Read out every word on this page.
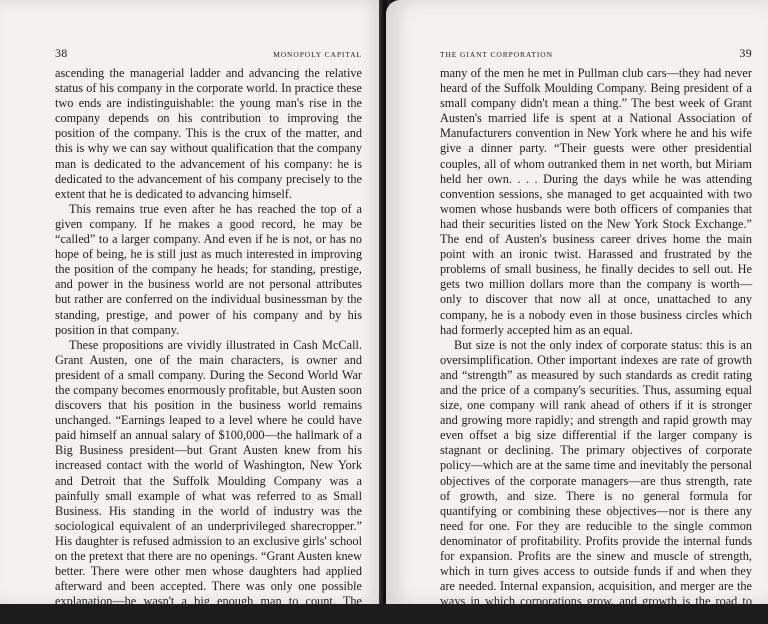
38	MONOPOLY CAPITAL

ascending the managerial ladder and advancing the relative status of his company in the corporate world. In practice these two ends are indistinguishable: the young man's rise in the company depends on his contribution to improving the position of the company. This is the crux of the matter, and this is why we can say without qualification that the company man is dedicated to the advancement of his company: he is dedicated to the advancement of his company precisely to the extent that he is dedicated to advancing himself.

This remains true even after he has reached the top of a given company. If he makes a good record, he may be “called” to a larger company. And even if he is not, or has no hope of being, he is still just as much interested in improving the position of the company he heads; for standing, prestige, and power in the business world are not personal attributes but rather are conferred on the individual businessman by the standing, prestige, and power of his company and by his position in that company.

These propositions are vividly illustrated in Cash McCall. Grant Austen, one of the main characters, is owner and president of a small company. During the Second World War the company becomes enormously profitable, but Austen soon discovers that his position in the business world remains unchanged. “Earnings leaped to a level where he could have paid himself an annual salary of $100,000—the hallmark of a Big Business president—but Grant Austen knew from his increased contact with the world of Washington, New York and Detroit that the Suffolk Moulding Company was a painfully small example of what was referred to as Small Business. His standing in the world of industry was the sociological equivalent of an underprivileged sharecropper.” His daughter is refused admission to an exclusive girls' school on the pretext that there are no openings. “Grant Austen knew better. There were other men whose daughters had applied afterward and been accepted. There was only one possible explanation—he wasn't a big enough man to count. The Chadwick School was like so

THE GIANT CORPORATION	39

many of the men he met in Pullman club cars—they had never heard of the Suffolk Moulding Company. Being president of a small company didn't mean a thing.” The best week of Grant Austen's married life is spent at a National Association of Manufacturers convention in New York where he and his wife give a dinner party. “Their guests were other presidential couples, all of whom outranked them in net worth, but Miriam held her own. . . . During the days while he was attending convention sessions, she managed to get acquainted with two women whose husbands were both officers of companies that had their securities listed on the New York Stock Exchange.” The end of Austen's business career drives home the main point with an ironic twist. Harassed and frustrated by the problems of small business, he finally decides to sell out. He gets two million dollars more than the company is worth—only to discover that now all at once, unattached to any company, he is a nobody even in those business circles which had formerly accepted him as an equal.

But size is not the only index of corporate status: this is an oversimplification. Other important indexes are rate of growth and “strength” as measured by such standards as credit rating and the price of a company's securities. Thus, assuming equal size, one company will rank ahead of others if it is stronger and growing more rapidly; and strength and rapid growth may even offset a big size differential if the larger company is stagnant or declining. The primary objectives of corporate policy—which are at the same time and inevitably the personal objectives of the corporate managers—are thus strength, rate of growth, and size. There is no general formula for quantifying or combining these objectives—nor is there any need for one. For they are reducible to the single common denominator of profitability. Profits provide the internal funds for expansion. Profits are the sinew and muscle of strength, which in turn gives access to outside funds if and when they are needed. Internal expansion, acquisition, and merger are the ways in which corporations grow, and growth is the road to size. Thus profits,
